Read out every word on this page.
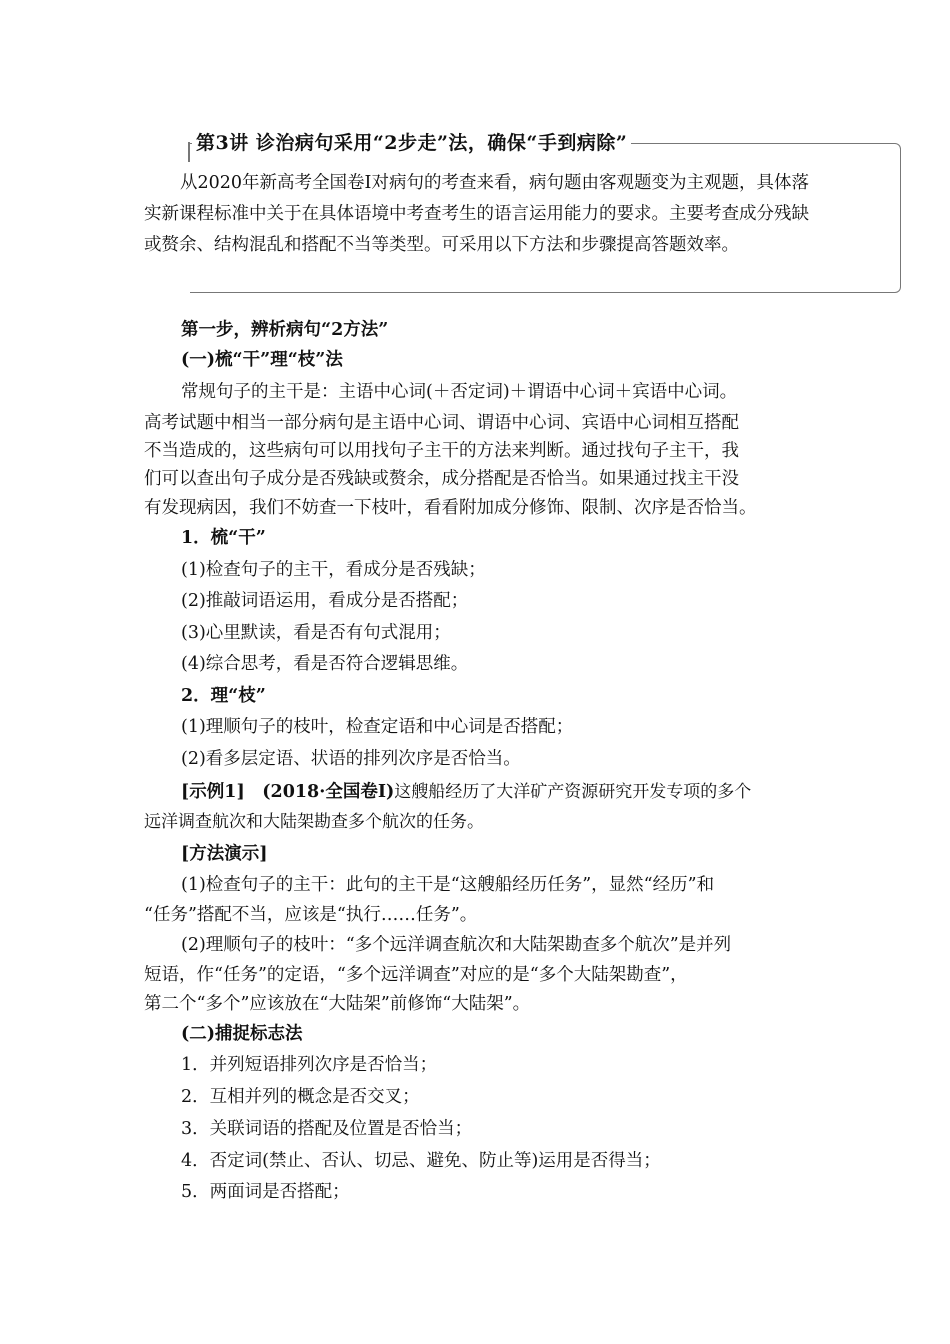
第3讲 诊治病句采用“2步走”法，确保“手到病除”
从2020年新高考全国卷Ⅰ对病句的考查来看，病句题由客观题变为主观题，具体落实新课程标准中关于在具体语境中考查考生的语言运用能力的要求。主要考查成分残缺或赘余、结构混乱和搭配不当等类型。可采用以下方法和步骤提高答题效率。
第一步，辨析病句“2方法”
(一)梳“干”理“枝”法
常规句子的主干是：主语中心词(＋否定词)＋谓语中心词＋宾语中心词。
高考试题中相当一部分病句是主语中心词、谓语中心词、宾语中心词相互搭配
不当造成的，这些病句可以用找句子主干的方法来判断。通过找句子主干，我
们可以查出句子成分是否残缺或赘余，成分搭配是否恰当。如果通过找主干没
有发现病因，我们不妨查一下枝叶，看看附加成分修饰、限制、次序是否恰当。
1．梳“干”
(1)检查句子的主干，看成分是否残缺；
(2)推敲词语运用，看成分是否搭配；
(3)心里默读，看是否有句式混用；
(4)综合思考，看是否符合逻辑思维。
2．理“枝”
(1)理顺句子的枝叶，检查定语和中心词是否搭配；
(2)看多层定语、状语的排列次序是否恰当。
[示例1]　(2018·全国卷Ⅰ)这艘船经历了大洋矿产资源研究开发专项的多个
远洋调查航次和大陆架勘查多个航次的任务。
[方法演示]
(1)检查句子的主干：此句的主干是“这艘船经历任务”，显然“经历”和
“任务”搭配不当，应该是“执行……任务”。
(2)理顺句子的枝叶：“多个远洋调查航次和大陆架勘查多个航次”是并列
短语，作“任务”的定语，“多个远洋调查”对应的是“多个大陆架勘查”，
第二个“多个”应该放在“大陆架”前修饰“大陆架”。
(二)捕捉标志法
1．并列短语排列次序是否恰当；
2．互相并列的概念是否交叉；
3．关联词语的搭配及位置是否恰当；
4．否定词(禁止、否认、切忌、避免、防止等)运用是否得当；
5．两面词是否搭配；
